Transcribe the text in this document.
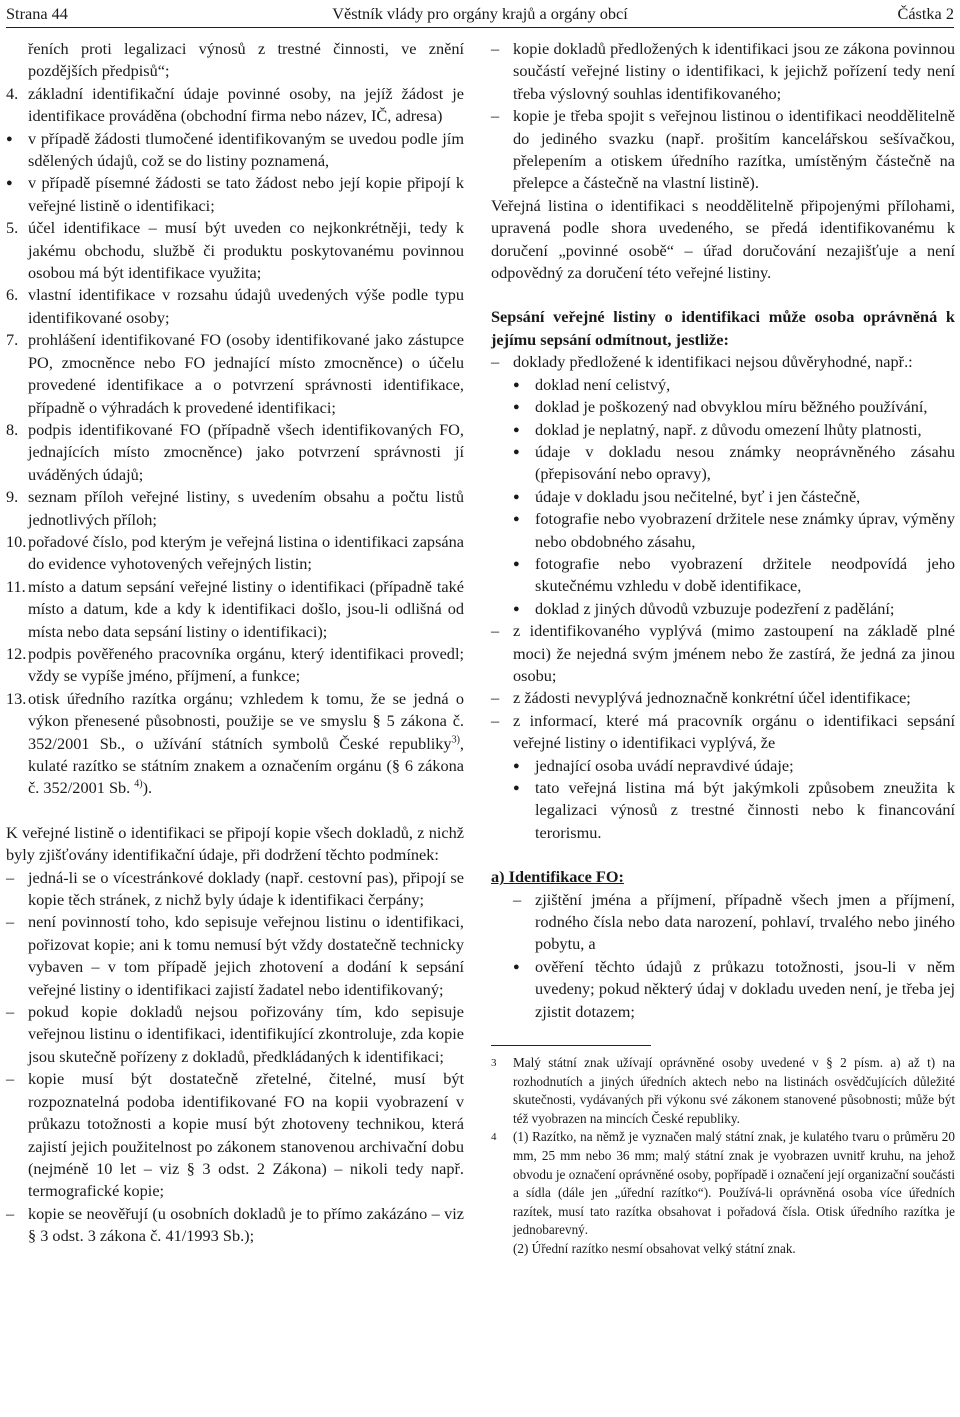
Strana 44	Věstník vlády pro orgány krajů a orgány obcí	Částka 2

řeních proti legalizaci výnosů z trestné činnosti, ve znění pozdějších předpisů“;

4. základní identifikační údaje povinné osoby, na jejíž žádost je identifikace prováděna (obchodní firma nebo název, IČ, adresa)

● v případě žádosti tlumočené identifikovaným se uvedou podle jím sdělených údajů, což se do listiny poznamená,

● v případě písemné žádosti se tato žádost nebo její kopie připojí k veřejné listině o identifikaci;

5. účel identifikace – musí být uveden co nejkonkrétněji, tedy k jakému obchodu, službě či produktu poskytovanému povinnou osobou má být identifikace využita;

6. vlastní identifikace v rozsahu údajů uvedených výše podle typu identifikované osoby;

7. prohlášení identifikované FO (osoby identifikované jako zástupce PO, zmocněnce nebo FO jednající místo zmocněnce) o účelu provedené identifikace a o potvrzení správnosti identifikace, případně o výhradách k provedené identifikaci;

8. podpis identifikované FO (případně všech identifikovaných FO, jednajících místo zmocněnce) jako potvrzení správnosti jí uváděných údajů;

9. seznam příloh veřejné listiny, s uvedením obsahu a počtu listů jednotlivých příloh;

10. pořadové číslo, pod kterým je veřejná listina o identifikaci zapsána do evidence vyhotovených veřejných listin;

11. místo a datum sepsání veřejné listiny o identifikaci (případně také místo a datum, kde a kdy k identifikaci došlo, jsou-li odlišná od místa nebo data sepsání listiny o identifikaci);

12. podpis pověřeného pracovníka orgánu, který identifikaci provedl; vždy se vypíše jméno, příjmení, a funkce;

13. otisk úředního razítka orgánu; vzhledem k tomu, že se jedná o výkon přenesené působnosti, použije se ve smyslu § 5 zákona č. 352/2001 Sb., o užívání státních symbolů České republiky$^{3)}$, kulaté razítko se státním znakem a označením orgánu (§ 6 zákona č. 352/2001 Sb. $^{4)}$).

K veřejné listině o identifikaci se připojí kopie všech dokladů, z nichž byly zjišťovány identifikační údaje, při dodržení těchto podmínek:

– jedná-li se o vícestránkové doklady (např. cestovní pas), připojí se kopie těch stránek, z nichž byly údaje k identifikaci čerpány;

– není povinností toho, kdo sepisuje veřejnou listinu o identifikaci, pořizovat kopie; ani k tomu nemusí být vždy dostatečně technicky vybaven – v tom případě jejich zhotovení a dodání k sepsání veřejné listiny o identifikaci zajistí žadatel nebo identifikovaný;

– pokud kopie dokladů nejsou pořizovány tím, kdo sepisuje veřejnou listinu o identifikaci, identifikující zkontroluje, zda kopie jsou skutečně pořízeny z dokladů, předkládaných k identifikaci;

– kopie musí být dostatečně zřetelné, čitelné, musí být rozpoznatelná podoba identifikované FO na kopii vyobrazení v průkazu totožnosti a kopie musí být zhotoveny technikou, která zajistí jejich použitelnost po zákonem stanovenou archivační dobu (nejméně 10 let – viz § 3 odst. 2 Zákona) – nikoli tedy např. termografické kopie;

– kopie se neověřují (u osobních dokladů je to přímo zakázáno – viz § 3 odst. 3 zákona č. 41/1993 Sb.);

– kopie dokladů předložených k identifikaci jsou ze zákona povinnou součástí veřejné listiny o identifikaci, k jejichž pořízení tedy není třeba výslovný souhlas identifikovaného;

– kopie je třeba spojit s veřejnou listinou o identifikaci neoddělitelně do jediného svazku (např. prošitím kancelářskou sešívačkou, přelepením a otiskem úředního razítka, umístěným částečně na přelepce a částečně na vlastní listině).

Veřejná listina o identifikaci s neoddělitelně připojenými přílohami, upravená podle shora uvedeného, se předá identifikovanému k doručení „povinné osobě“ – úřad doručování nezajišťuje a není odpovědný za doručení této veřejné listiny.

Sepsání veřejné listiny o identifikaci může osoba oprávněná k jejímu sepsání odmítnout, jestliže:

– doklady předložené k identifikaci nejsou důvěryhodné, např.:

● doklad není celistvý,

● doklad je poškozený nad obvyklou míru běžného používání,

● doklad je neplatný, např. z důvodu omezení lhůty platnosti,

● údaje v dokladu nesou známky neoprávněného zásahu (přepisování nebo opravy),

● údaje v dokladu jsou nečitelné, byť i jen částečně,

● fotografie nebo vyobrazení držitele nese známky úprav, výměny nebo obdobného zásahu,

● fotografie nebo vyobrazení držitele neodpovídá jeho skutečnému vzhledu v době identifikace,

● doklad z jiných důvodů vzbuzuje podezření z padělání;

– z identifikovaného vyplývá (mimo zastoupení na základě plné moci) že nejedná svým jménem nebo že zastírá, že jedná za jinou osobu;

– z žádosti nevyplývá jednoznačně konkrétní účel identifikace;

– z informací, které má pracovník orgánu o identifikaci sepsání veřejné listiny o identifikaci vyplývá, že

● jednající osoba uvádí nepravdivé údaje;

● tato veřejná listina má být jakýmkoli způsobem zneužita k legalizaci výnosů z trestné činnosti nebo k financování terorismu.

a) Identifikace FO:

– zjištění jména a příjmení, případně všech jmen a příjmení, rodného čísla nebo data narození, pohlaví, trvalého nebo jiného pobytu, a

● ověření těchto údajů z průkazu totožnosti, jsou-li v něm uvedeny; pokud některý údaj v dokladu uveden není, je třeba jej zjistit dotazem;

3 Malý státní znak užívají oprávněné osoby uvedené v § 2 písm. a) až t) na rozhodnutích a jiných úředních aktech nebo na listinách osvědčujících důležité skutečnosti, vydávaných při výkonu své zákonem stanovené působnosti; může být též vyobrazen na mincích České republiky.

4 (1) Razítko, na němž je vyznačen malý státní znak, je kulatého tvaru o průměru 20 mm, 25 mm nebo 36 mm; malý státní znak je vyobrazen uvnitř kruhu, na jehož obvodu je označení oprávněné osoby, popřípadě i označení její organizační součásti a sídla (dále jen „úřední razítko“). Používá-li oprávněná osoba více úředních razítek, musí tato razítka obsahovat i pořadová čísla. Otisk úředního razítka je jednobarevný.

(2) Úřední razítko nesmí obsahovat velký státní znak.
